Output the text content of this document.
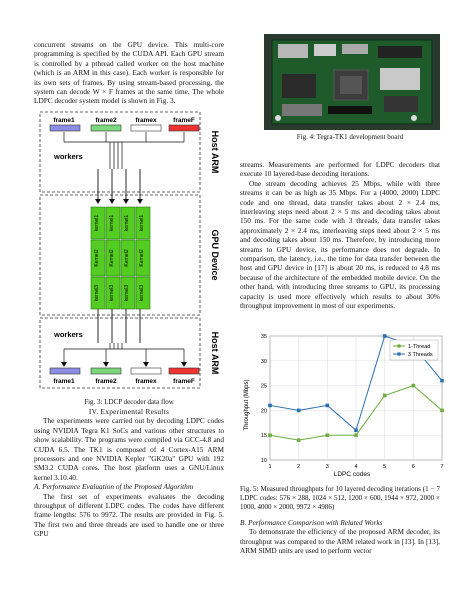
concurrent streams on the GPU device. This multi-core programming is specified by the CUDA API. Each GPU stream is controlled by a pthread called worker on the host machine (which is an ARM in this case). Each worker is responsible for its own sets of frames. By using stream-based processing, the system can decode W × F frames at the same time. The whole LDPC decoder system model is shown in Fig. 3.

Fig. 4: Tegra-TK1 development board
Host ARM
GPU Device
Host ARM
frame1	frame2	framex	frameF
workers
kernel1
Kernel2
kernel3
kernel1
Kernel2
kernel3
kernel1
Kernel2
kernel3
kernel1
Kernel2
kernel3
workers
frame1	frame2	framex	frameF

Fig. 3: LDCP decoder data flow

IV. Experimental Results

The experiments were carried out by decoding LDPC codes using NVIDIA Tegra K1 SoCs and various other structures to show scalability. The programs were compiled via GCC-4.8 and CUDA 6.5. The TK1 is composed of 4 Cortex-A15 ARM processors and one NVIDIA Kepler "GK20a" GPU with 192 SM3.2 CUDA cores. The host platform uses a GNU/Linux kernel 3.10.40.

A. Performance Evaluation of the Proposed Algorithm

The first set of experiments evaluates the decoding throughput of different LDPC codes. The codes have different frame lengths: 576 to 9972. The results are provided in Fig. 5. The first two and three threads are used to handle one or three GPU

streams. Measurements are performed for LDPC decoders that execute 10 layered-base decoding iterations.

One stream decoding achieves 25 Mbps, while with three streams it can be as high as 35 Mbps. For a (4000, 2000) LDPC code and one thread, data transfer takes about 2 × 2.4 ms, interleaving steps need about 2 × 5 ms and decoding takes about 150 ms. For the same code with 3 threads, data transfer takes approximately 2 × 2.4 ms, interleaving steps need about 2 × 5 ms and decoding takes about 150 ms. Therefore, by introducing more streams to GPU device, its performance does not degrade. In comparison, the latency, i.e., the time for data transfer between the host and GPU device in [17] is about 20 ms, is reduced to 4.8 ms because of the architecture of the embedded mobile device. On the other hand, with introducing three streams to GPU, its processing capacity is used more effectively which results to about 30% throughput improvement in most of our experiments.

10
15
20
25
30
35
1	2	3	4	5	6	7
Throughput (Mbps)
LDPC codes
1-Thread
3 Threads

Fig. 5: Measured throughputs for 10 layered decoding iterations (1 − 7 LDPC codes: 576 × 288, 1024 × 512, 1200 × 600, 1944 × 972, 2000 × 1000, 4000 × 2000, 9972 × 4986)

B. Performance Comparison with Related Works

To demonstrate the efficiency of the proposed ARM decoder, its throughput was compared to the ARM related work in [13]. In [13], ARM SIMD units are used to perform vector
